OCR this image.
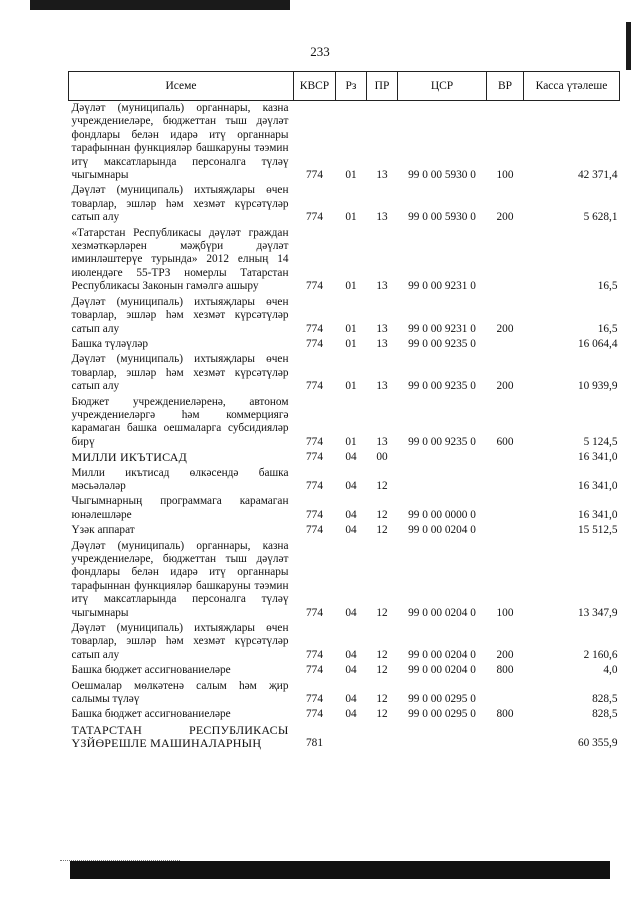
233
Исеме	КВСР	Рз	ПР	ЦСР	ВР	Касса үтәлеше
Дәүләт (муниципаль) органнары, казна учреждениеләре, бюджеттан тыш дәүләт фондлары белән идарә итү органнары тарафыннан функцияләр башкаруны тәэмин итү максатларында персоналга түләү чыгымнары	774	01	13	99 0 00 5930 0	100	42 371,4
Дәүләт (муниципаль) ихтыяҗлары өчен товарлар, эшләр һәм хезмәт күрсәтүләр сатып алу	774	01	13	99 0 00 5930 0	200	5 628,1
«Татарстан Республикасы дәүләт граждан хезмәткәрләрен мәҗбүри дәүләт иминләштерүе турында» 2012 елның 14 июлендәге 55-ТРЗ номерлы Татарстан Республикасы Законын гамәлгә ашыру	774	01	13	99 0 00 9231 0		16,5
Дәүләт (муниципаль) ихтыяҗлары өчен товарлар, эшләр һәм хезмәт күрсәтүләр сатып алу	774	01	13	99 0 00 9231 0	200	16,5
Башка түләүләр	774	01	13	99 0 00 9235 0		16 064,4
Дәүләт (муниципаль) ихтыяҗлары өчен товарлар, эшләр һәм хезмәт күрсәтүләр сатып алу	774	01	13	99 0 00 9235 0	200	10 939,9
Бюджет учреждениеләренә, автоном учреждениеләргә һәм коммерциягә карамаган башка оешмаларга субсидияләр бирү	774	01	13	99 0 00 9235 0	600	5 124,5
МИЛЛИ ИКЪТИСАД	774	04	00			16 341,0
Милли икътисад өлкәсендә башка мәсьәләләр	774	04	12			16 341,0
Чыгымнарның программага карамаган юнәлешләре	774	04	12	99 0 00 0000 0		16 341,0
Үзәк аппарат	774	04	12	99 0 00 0204 0		15 512,5
Дәүләт (муниципаль) органнары, казна учреждениеләре, бюджеттан тыш дәүләт фондлары белән идарә итү органнары тарафыннан функцияләр башкаруны тәэмин итү максатларында персоналга түләү чыгымнары	774	04	12	99 0 00 0204 0	100	13 347,9
Дәүләт (муниципаль) ихтыяҗлары өчен товарлар, эшләр һәм хезмәт күрсәтүләр сатып алу	774	04	12	99 0 00 0204 0	200	2 160,6
Башка бюджет ассигнованиеләре	774	04	12	99 0 00 0204 0	800	4,0
Оешмалар мөлкәтенә салым һәм җир салымы түләү	774	04	12	99 0 00 0295 0		828,5
Башка бюджет ассигнованиеләре	774	04	12	99 0 00 0295 0	800	828,5
ТАТАРСТАН РЕСПУБЛИКАСЫ ҮЗЙӨРЕШЛЕ МАШИНАЛАРНЫҢ	781					60 355,9
